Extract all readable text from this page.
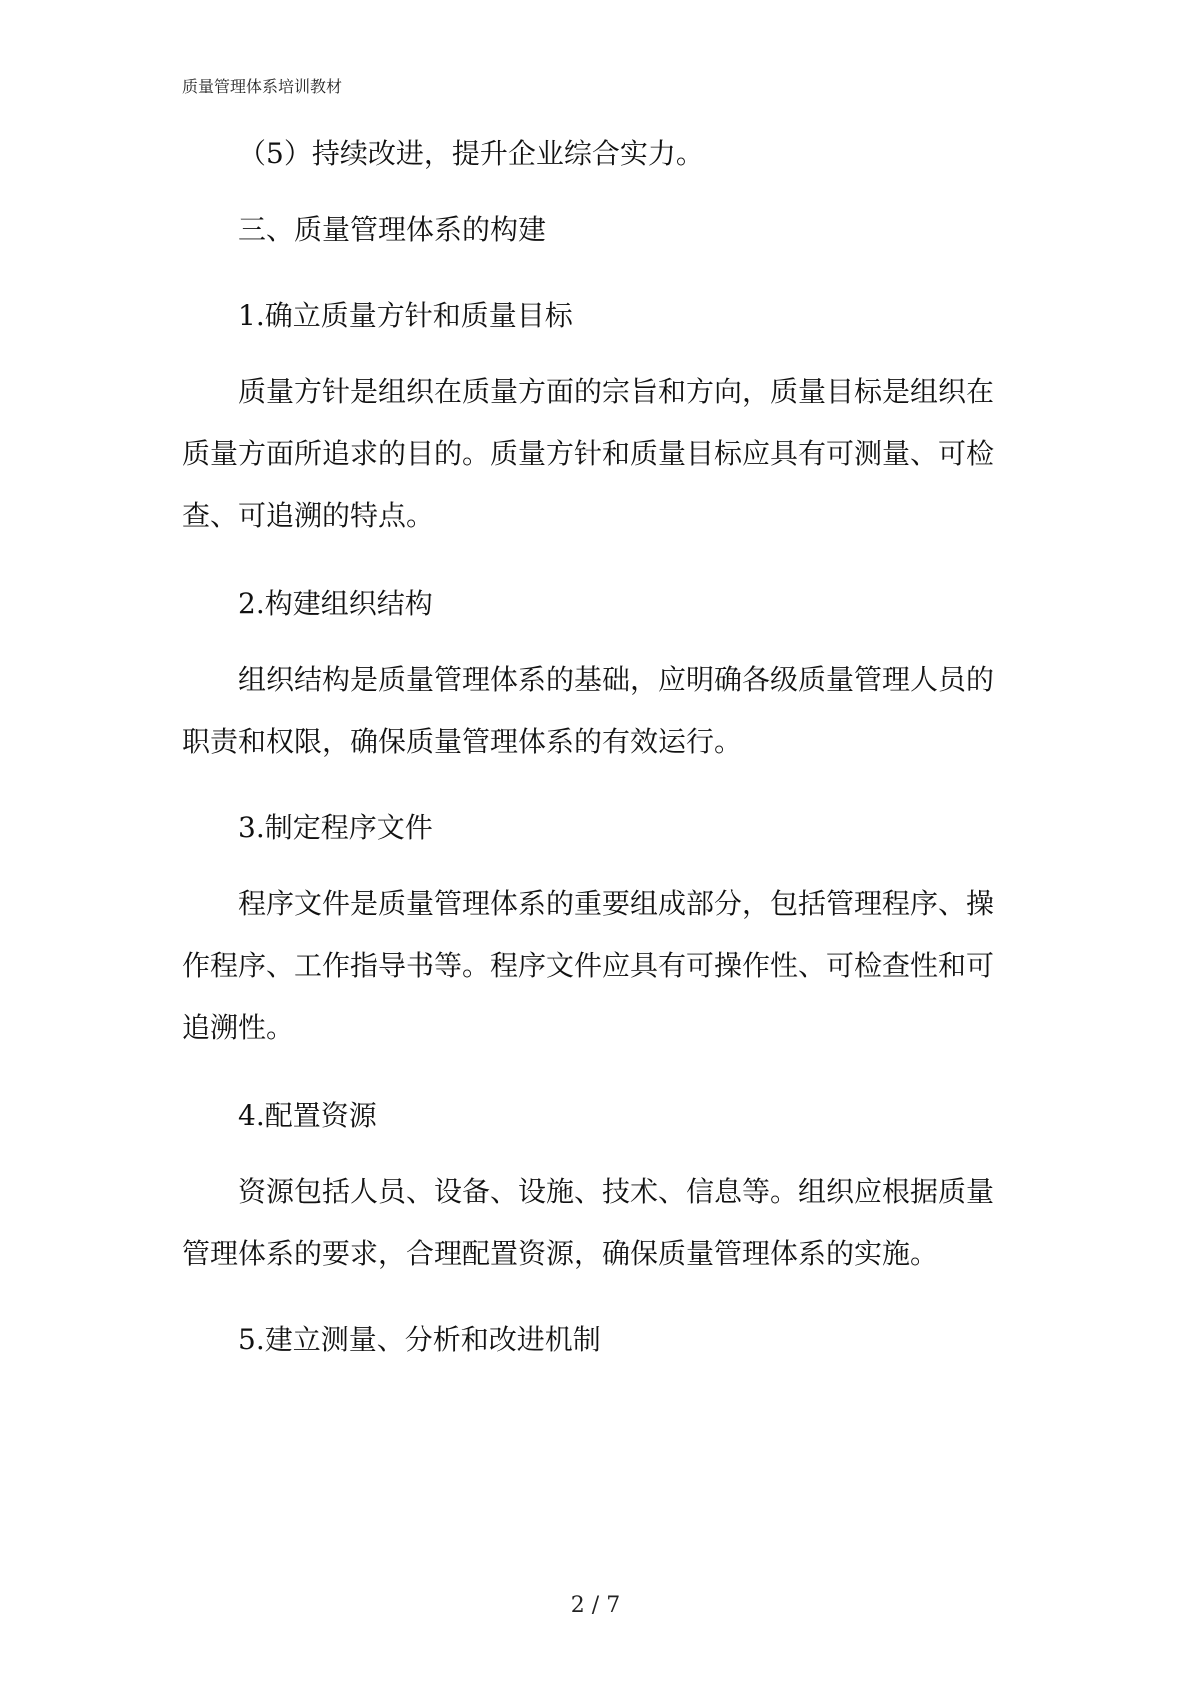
质量管理体系培训教材
（5）持续改进，提升企业综合实力。
三、质量管理体系的构建
1.确立质量方针和质量目标
质量方针是组织在质量方面的宗旨和方向，质量目标是组织在
质量方面所追求的目的。质量方针和质量目标应具有可测量、可检
查、可追溯的特点。
2.构建组织结构
组织结构是质量管理体系的基础，应明确各级质量管理人员的
职责和权限，确保质量管理体系的有效运行。
3.制定程序文件
程序文件是质量管理体系的重要组成部分，包括管理程序、操
作程序、工作指导书等。程序文件应具有可操作性、可检查性和可
追溯性。
4.配置资源
资源包括人员、设备、设施、技术、信息等。组织应根据质量
管理体系的要求，合理配置资源，确保质量管理体系的实施。
5.建立测量、分析和改进机制
2 / 7
